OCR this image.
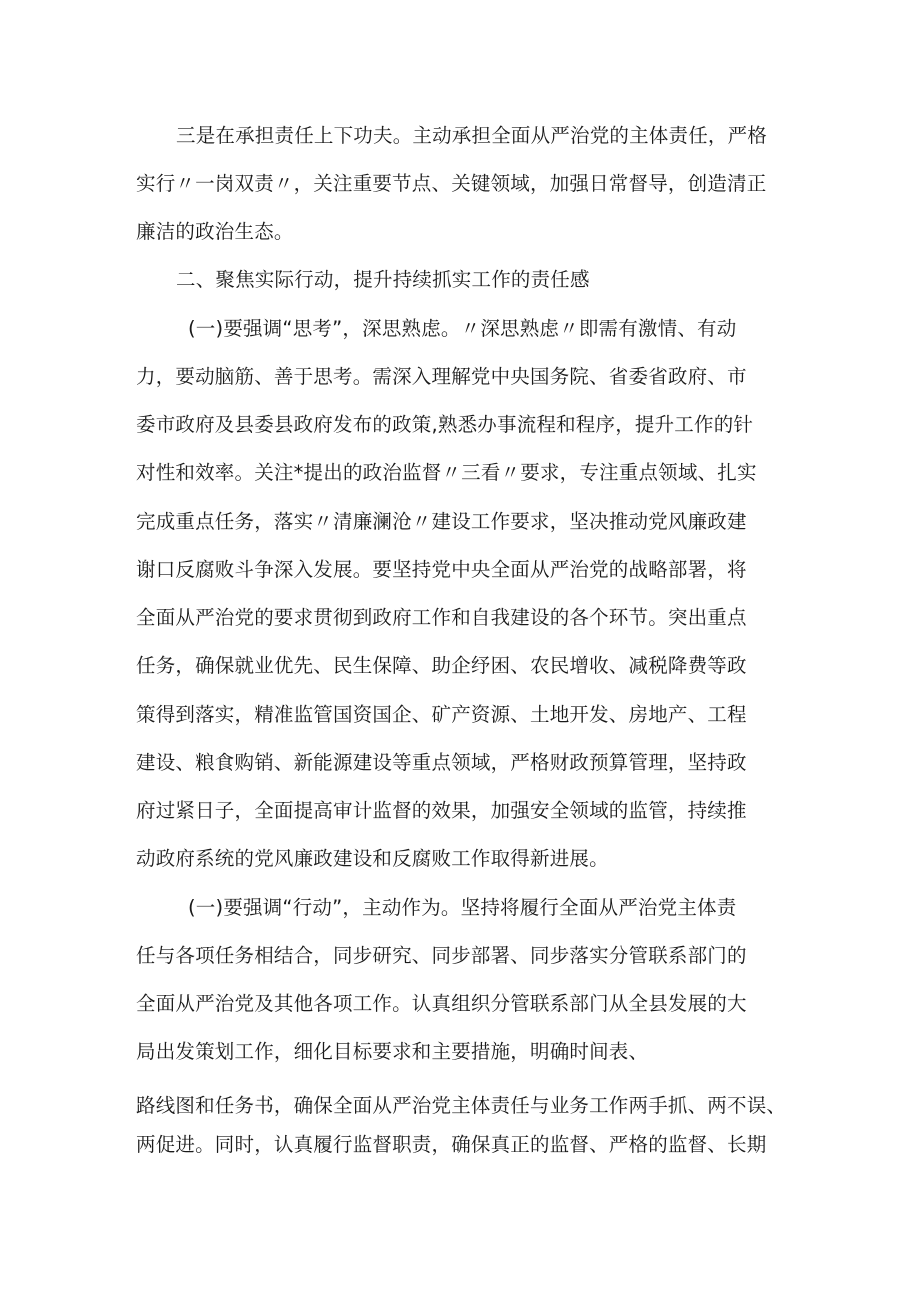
三是在承担责任上下功夫。主动承担全面从严治党的主体责任，严格
实行〃一岗双责〃，关注重要节点、关键领域，加强日常督导，创造清正
廉洁的政治生态。
二、聚焦实际行动，提升持续抓实工作的责任感
(一)要强调“思考”，深思熟虑。〃深思熟虑〃即需有激情、有动
力，要动脑筋、善于思考。需深入理解党中央国务院、省委省政府、市
委市政府及县委县政府发布的政策,熟悉办事流程和程序，提升工作的针
对性和效率。关注*提出的政治监督〃三看〃要求，专注重点领域、扎实
完成重点任务，落实〃清廉澜沧〃建设工作要求，坚决推动党风廉政建
谢口反腐败斗争深入发展。要坚持党中央全面从严治党的战略部署，将
全面从严治党的要求贯彻到政府工作和自我建设的各个环节。突出重点
任务，确保就业优先、民生保障、助企纾困、农民增收、减税降费等政
策得到落实，精准监管国资国企、矿产资源、土地开发、房地产、工程
建设、粮食购销、新能源建设等重点领域，严格财政预算管理，坚持政
府过紧日子，全面提高审计监督的效果，加强安全领域的监管，持续推
动政府系统的党风廉政建设和反腐败工作取得新进展。
(一)要强调“行动”，主动作为。坚持将履行全面从严治党主体责
任与各项任务相结合，同步研究、同步部署、同步落实分管联系部门的
全面从严治党及其他各项工作。认真组织分管联系部门从全县发展的大
局出发策划工作，细化目标要求和主要措施，明确时间表、
路线图和任务书，确保全面从严治党主体责任与业务工作两手抓、两不误、
两促进。同时，认真履行监督职责，确保真正的监督、严格的监督、长期
